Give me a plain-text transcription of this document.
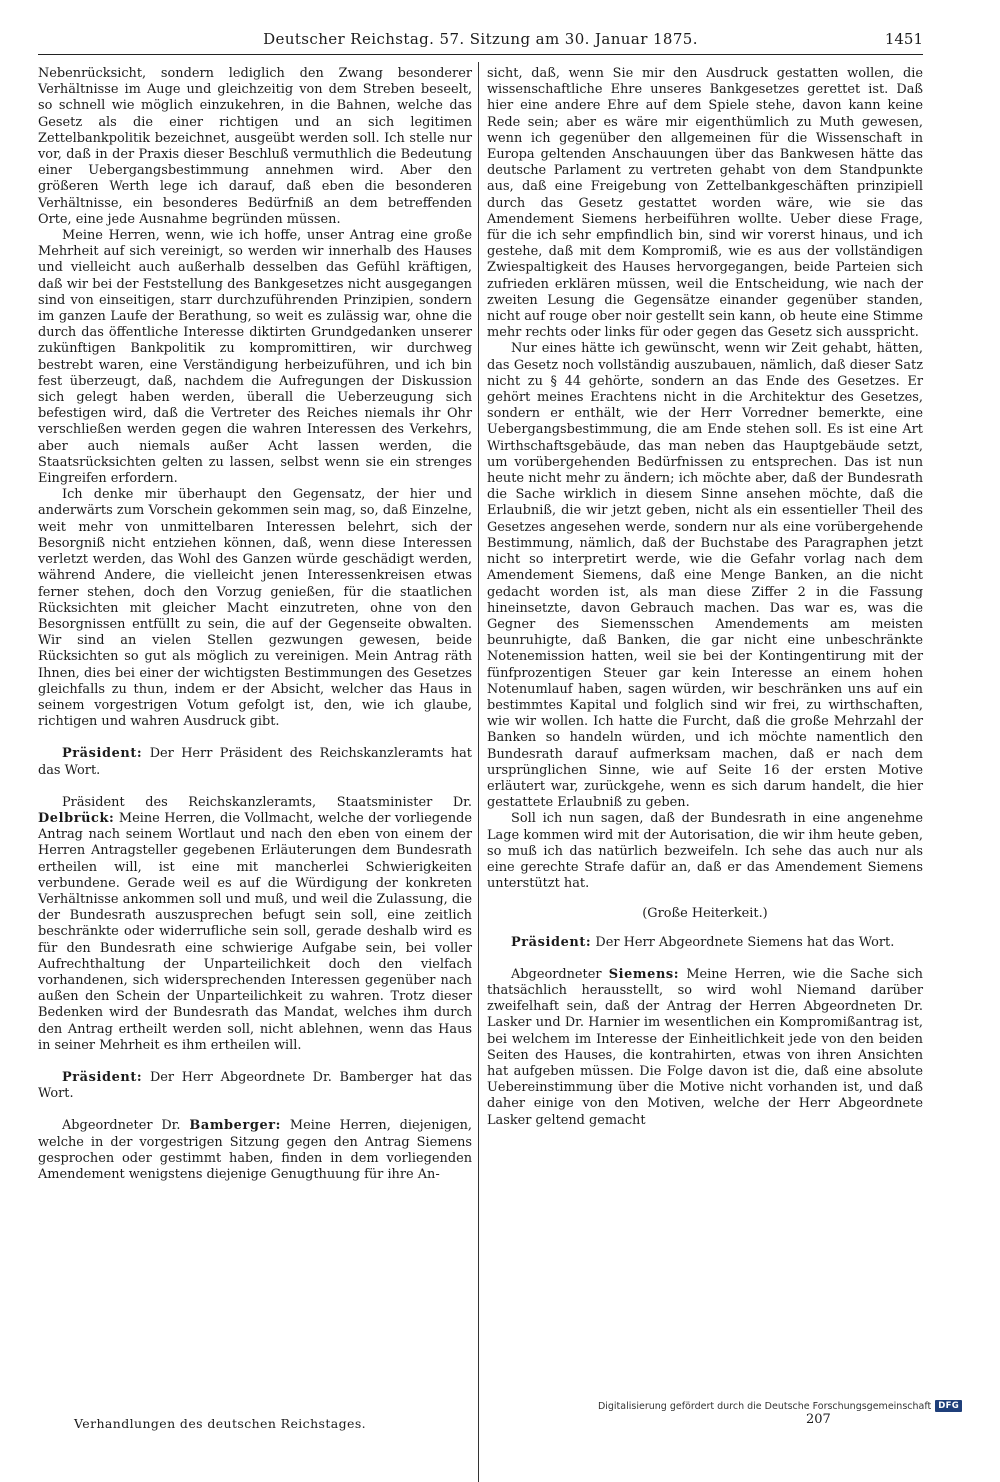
Deutscher Reichstag. 57. Sitzung am 30. Januar 1875.	1451

Nebenrücksicht, sondern lediglich den Zwang besonderer Verhältnisse im Auge und gleichzeitig von dem Streben beseelt, so schnell wie möglich einzukehren, in die Bahnen, welche das Gesetz als die einer richtigen und an sich legitimen Zettelbankpolitik bezeichnet, ausgeübt werden soll. Ich stelle nur vor, daß in der Praxis dieser Beschluß vermuthlich die Bedeutung einer Uebergangsbestimmung annehmen wird. Aber den größeren Werth lege ich darauf, daß eben die besonderen Verhältnisse, ein besonderes Bedürfniß an dem betreffenden Orte, eine jede Ausnahme begründen müssen.

Meine Herren, wenn, wie ich hoffe, unser Antrag eine große Mehrheit auf sich vereinigt, so werden wir innerhalb des Hauses und vielleicht auch außerhalb desselben das Gefühl kräftigen, daß wir bei der Feststellung des Bankgesetzes nicht ausgegangen sind von einseitigen, starr durchzuführenden Prinzipien, sondern im ganzen Laufe der Berathung, so weit es zulässig war, ohne die durch das öffentliche Interesse diktirten Grundgedanken unserer zukünftigen Bankpolitik zu kompromittiren, wir durchweg bestrebt waren, eine Verständigung herbeizuführen, und ich bin fest überzeugt, daß, nachdem die Aufregungen der Diskussion sich gelegt haben werden, überall die Ueberzeugung sich befestigen wird, daß die Vertreter des Reiches niemals ihr Ohr verschließen werden gegen die wahren Interessen des Verkehrs, aber auch niemals außer Acht lassen werden, die Staatsrücksichten gelten zu lassen, selbst wenn sie ein strenges Eingreifen erfordern.

Ich denke mir überhaupt den Gegensatz, der hier und anderwärts zum Vorschein gekommen sein mag, so, daß Einzelne, weit mehr von unmittelbaren Interessen belehrt, sich der Besorgniß nicht entziehen können, daß, wenn diese Interessen verletzt werden, das Wohl des Ganzen würde geschädigt werden, während Andere, die vielleicht jenen Interessenkreisen etwas ferner stehen, doch den Vorzug genießen, für die staatlichen Rücksichten mit gleicher Macht einzutreten, ohne von den Besorgnissen entfüllt zu sein, die auf der Gegenseite obwalten. Wir sind an vielen Stellen gezwungen gewesen, beide Rücksichten so gut als möglich zu vereinigen. Mein Antrag räth Ihnen, dies bei einer der wichtigsten Bestimmungen des Gesetzes gleichfalls zu thun, indem er der Absicht, welcher das Haus in seinem vorgestrigen Votum gefolgt ist, den, wie ich glaube, richtigen und wahren Ausdruck gibt.

Präsident: Der Herr Präsident des Reichskanzleramts hat das Wort.

Präsident des Reichskanzleramts, Staatsminister Dr. Delbrück: Meine Herren, die Vollmacht, welche der vorliegende Antrag nach seinem Wortlaut und nach den eben von einem der Herren Antragsteller gegebenen Erläuterungen dem Bundesrath ertheilen will, ist eine mit mancherlei Schwierigkeiten verbundene. Gerade weil es auf die Würdigung der konkreten Verhältnisse ankommen soll und muß, und weil die Zulassung, die der Bundesrath auszusprechen befugt sein soll, eine zeitlich beschränkte oder widerrufliche sein soll, gerade deshalb wird es für den Bundesrath eine schwierige Aufgabe sein, bei voller Aufrechthaltung der Unparteilichkeit doch den vielfach vorhandenen, sich widersprechenden Interessen gegenüber nach außen den Schein der Unparteilichkeit zu wahren. Trotz dieser Bedenken wird der Bundesrath das Mandat, welches ihm durch den Antrag ertheilt werden soll, nicht ablehnen, wenn das Haus in seiner Mehrheit es ihm ertheilen will.

Präsident: Der Herr Abgeordnete Dr. Bamberger hat das Wort.

Abgeordneter Dr. Bamberger: Meine Herren, diejenigen, welche in der vorgestrigen Sitzung gegen den Antrag Siemens gesprochen oder gestimmt haben, finden in dem vorliegenden Amendement wenigstens diejenige Genugthuung für ihre An-

sicht, daß, wenn Sie mir den Ausdruck gestatten wollen, die wissenschaftliche Ehre unseres Bankgesetzes gerettet ist. Daß hier eine andere Ehre auf dem Spiele stehe, davon kann keine Rede sein; aber es wäre mir eigenthümlich zu Muth gewesen, wenn ich gegenüber den allgemeinen für die Wissenschaft in Europa geltenden Anschauungen über das Bankwesen hätte das deutsche Parlament zu vertreten gehabt von dem Standpunkte aus, daß eine Freigebung von Zettelbankgeschäften prinzipiell durch das Gesetz gestattet worden wäre, wie sie das Amendement Siemens herbeiführen wollte. Ueber diese Frage, für die ich sehr empfindlich bin, sind wir vorerst hinaus, und ich gestehe, daß mit dem Kompromiß, wie es aus der vollständigen Zwiespaltigkeit des Hauses hervorgegangen, beide Parteien sich zufrieden erklären müssen, weil die Entscheidung, wie nach der zweiten Lesung die Gegensätze einander gegenüber standen, nicht auf rouge ober noir gestellt sein kann, ob heute eine Stimme mehr rechts oder links für oder gegen das Gesetz sich ausspricht.

Nur eines hätte ich gewünscht, wenn wir Zeit gehabt, hätten, das Gesetz noch vollständig auszubauen, nämlich, daß dieser Satz nicht zu § 44 gehörte, sondern an das Ende des Gesetzes. Er gehört meines Erachtens nicht in die Architektur des Gesetzes, sondern er enthält, wie der Herr Vorredner bemerkte, eine Uebergangsbestimmung, die am Ende stehen soll. Es ist eine Art Wirthschaftsgebäude, das man neben das Hauptgebäude setzt, um vorübergehenden Bedürfnissen zu entsprechen. Das ist nun heute nicht mehr zu ändern; ich möchte aber, daß der Bundesrath die Sache wirklich in diesem Sinne ansehen möchte, daß die Erlaubniß, die wir jetzt geben, nicht als ein essentieller Theil des Gesetzes angesehen werde, sondern nur als eine vorübergehende Bestimmung, nämlich, daß der Buchstabe des Paragraphen jetzt nicht so interpretirt werde, wie die Gefahr vorlag nach dem Amendement Siemens, daß eine Menge Banken, an die nicht gedacht worden ist, als man diese Ziffer 2 in die Fassung hineinsetzte, davon Gebrauch machen. Das war es, was die Gegner des Siemensschen Amendements am meisten beunruhigte, daß Banken, die gar nicht eine unbeschränkte Notenemission hatten, weil sie bei der Kontingentirung mit der fünfprozentigen Steuer gar kein Interesse an einem hohen Notenumlauf haben, sagen würden, wir beschränken uns auf ein bestimmtes Kapital und folglich sind wir frei, zu wirthschaften, wie wir wollen. Ich hatte die Furcht, daß die große Mehrzahl der Banken so handeln würden, und ich möchte namentlich den Bundesrath darauf aufmerksam machen, daß er nach dem ursprünglichen Sinne, wie auf Seite 16 der ersten Motive erläutert war, zurückgehe, wenn es sich darum handelt, die hier gestattete Erlaubniß zu geben.

Soll ich nun sagen, daß der Bundesrath in eine angenehme Lage kommen wird mit der Autorisation, die wir ihm heute geben, so muß ich das natürlich bezweifeln. Ich sehe das auch nur als eine gerechte Strafe dafür an, daß er das Amendement Siemens unterstützt hat.

(Große Heiterkeit.)

Präsident: Der Herr Abgeordnete Siemens hat das Wort.

Abgeordneter Siemens: Meine Herren, wie die Sache sich thatsächlich herausstellt, so wird wohl Niemand darüber zweifelhaft sein, daß der Antrag der Herren Abgeordneten Dr. Lasker und Dr. Harnier im wesentlichen ein Kompromißantrag ist, bei welchem im Interesse der Einheitlichkeit jede von den beiden Seiten des Hauses, die kontrahirten, etwas von ihren Ansichten hat aufgeben müssen. Die Folge davon ist die, daß eine absolute Uebereinstimmung über die Motive nicht vorhanden ist, und daß daher einige von den Motiven, welche der Herr Abgeordnete Lasker geltend gemacht

Verhandlungen des deutschen Reichstages.	207
Digitalisierung gefördert durch die Deutsche Forschungsgemeinschaft DFG
